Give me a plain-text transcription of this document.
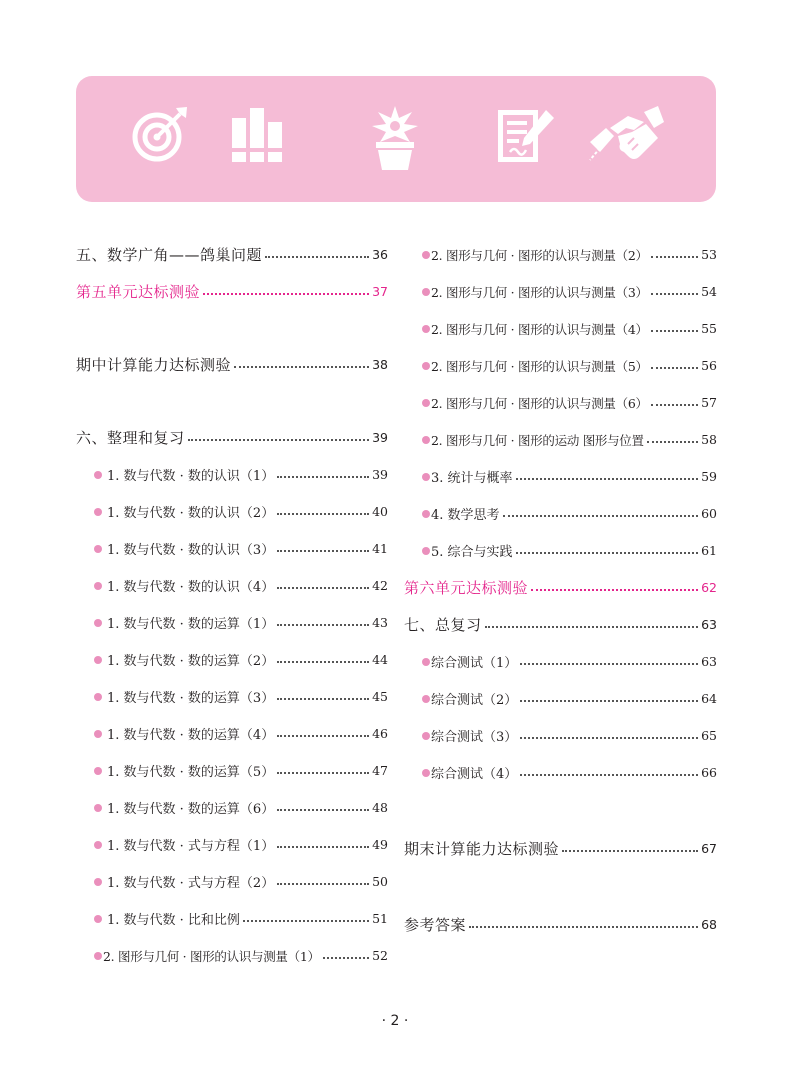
五、数学广角——鸽巢问题	36
第五单元达标测验	37
期中计算能力达标测验	38
六、整理和复习	39
1. 数与代数 · 数的认识（1）	39
1. 数与代数 · 数的认识（2）	40
1. 数与代数 · 数的认识（3）	41
1. 数与代数 · 数的认识（4）	42
1. 数与代数 · 数的运算（1）	43
1. 数与代数 · 数的运算（2）	44
1. 数与代数 · 数的运算（3）	45
1. 数与代数 · 数的运算（4）	46
1. 数与代数 · 数的运算（5）	47
1. 数与代数 · 数的运算（6）	48
1. 数与代数 · 式与方程（1）	49
1. 数与代数 · 式与方程（2）	50
1. 数与代数 · 比和比例	51
2. 图形与几何 · 图形的认识与测量（1）	52
2. 图形与几何 · 图形的认识与测量（2）	53
2. 图形与几何 · 图形的认识与测量（3）	54
2. 图形与几何 · 图形的认识与测量（4）	55
2. 图形与几何 · 图形的认识与测量（5）	56
2. 图形与几何 · 图形的认识与测量（6）	57
2. 图形与几何 · 图形的运动 图形与位置	58
3. 统计与概率	59
4. 数学思考	60
5. 综合与实践	61
第六单元达标测验	62
七、总复习	63
综合测试（1）	63
综合测试（2）	64
综合测试（3）	65
综合测试（4）	66
期末计算能力达标测验	67
参考答案	68
· 2 ·
